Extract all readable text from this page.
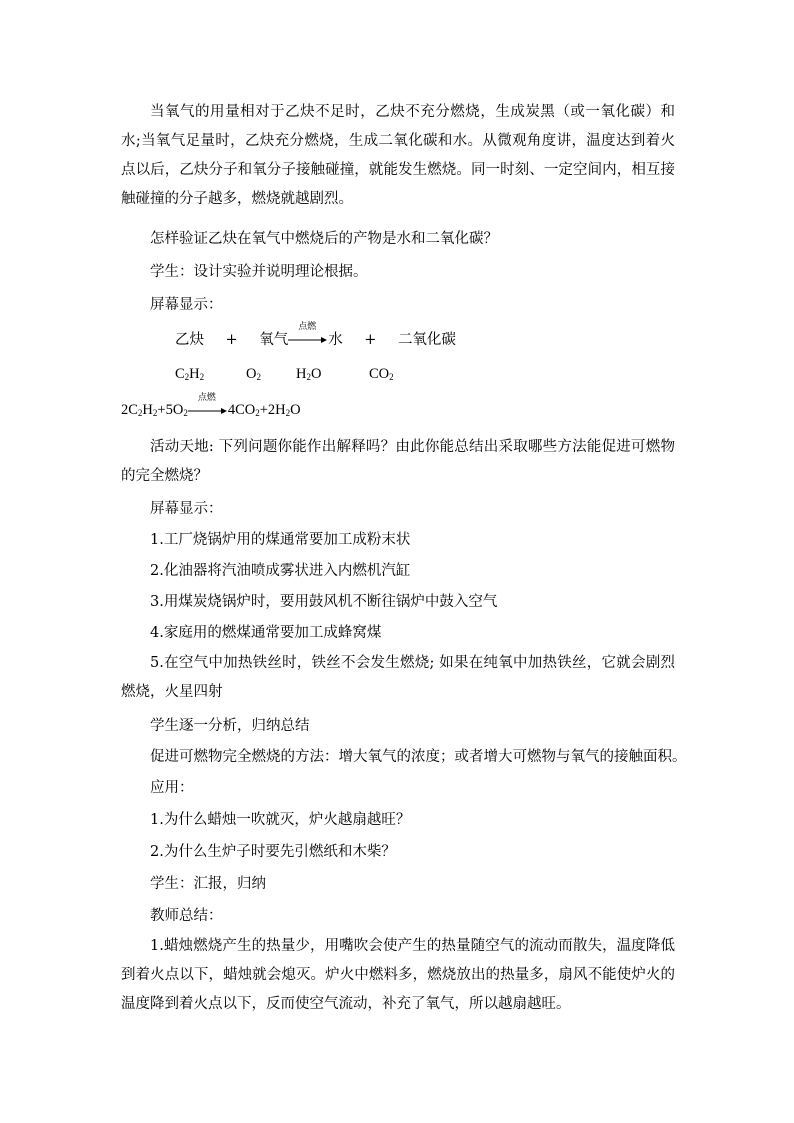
当氧气的用量相对于乙炔不足时，乙炔不充分燃烧，生成炭黑（或一氧化碳）和水;当氧气足量时，乙炔充分燃烧，生成二氧化碳和水。从微观角度讲，温度达到着火点以后，乙炔分子和氧分子接触碰撞，就能发生燃烧。同一时刻、一定空间内，相互接触碰撞的分子越多，燃烧就越剧烈。
怎样验证乙炔在氧气中燃烧后的产物是水和二氧化碳？
学生：设计实验并说明理论根据。
屏幕显示：
乙炔 + 氧气
点燃
水 + 二氧化碳
$C_2H_2$	$O_2$ $H_2O$	$CO_2$
$2C_2H_2+5O_2$
点燃
$4CO_2+2H_2O$
活动天地: 下列问题你能作出解释吗？由此你能总结出采取哪些方法能促进可燃物的完全燃烧？
屏幕显示：
1.工厂烧锅炉用的煤通常要加工成粉末状
2.化油器将汽油喷成雾状进入内燃机汽缸
3.用煤炭烧锅炉时，要用鼓风机不断往锅炉中鼓入空气
4.家庭用的燃煤通常要加工成蜂窝煤
5.在空气中加热铁丝时，铁丝不会发生燃烧; 如果在纯氧中加热铁丝，它就会剧烈燃烧，火星四射
学生逐一分析，归纳总结
促进可燃物完全燃烧的方法：增大氧气的浓度；或者增大可燃物与氧气的接触面积。
应用：
1.为什么蜡烛一吹就灭，炉火越扇越旺？
2.为什么生炉子时要先引燃纸和木柴？
学生：汇报，归纳
教师总结：
1.蜡烛燃烧产生的热量少，用嘴吹会使产生的热量随空气的流动而散失，温度降低到着火点以下，蜡烛就会熄灭。炉火中燃料多，燃烧放出的热量多，扇风不能使炉火的温度降到着火点以下，反而使空气流动，补充了氧气，所以越扇越旺。
